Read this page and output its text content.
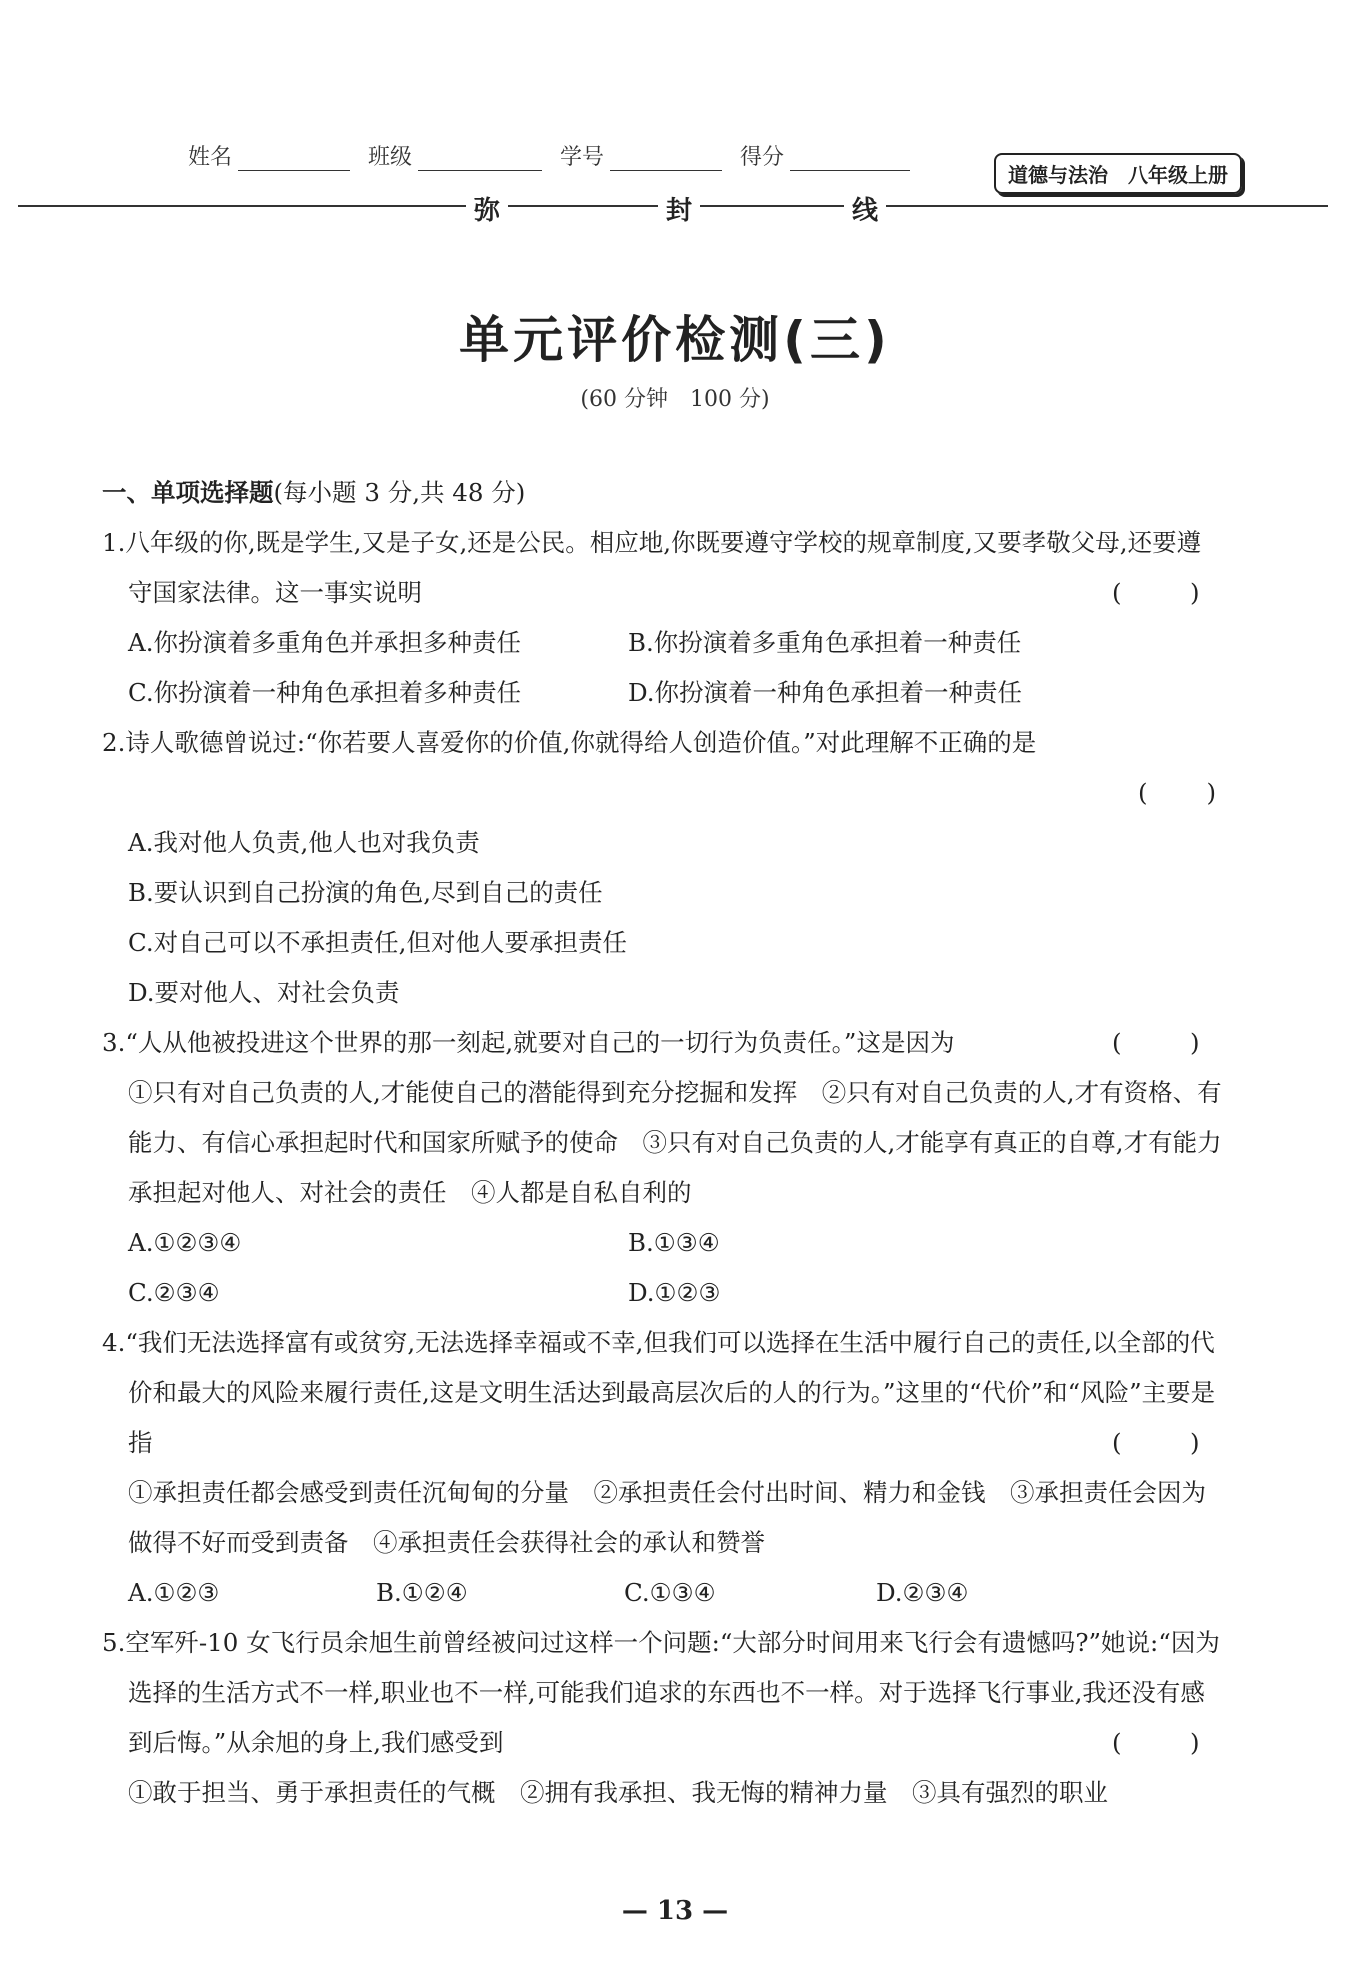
姓名	班级	学号	得分
道德与法治　八年级上册
弥	封	线
单元评价检测(三)
(60 分钟　100 分)
一、单项选择题(每小题 3 分,共 48 分)
1.八年级的你,既是学生,又是子女,还是公民。相应地,你既要遵守学校的规章制度,又要孝敬父母,还要遵守国家法律。这一事实说明	(	)
A.你扮演着多重角色并承担多种责任	B.你扮演着多重角色承担着一种责任
C.你扮演着一种角色承担着多种责任	D.你扮演着一种角色承担着一种责任
2.诗人歌德曾说过:“你若要人喜爱你的价值,你就得给人创造价值。”对此理解不正确的是
( )
A.我对他人负责,他人也对我负责
B.要认识到自己扮演的角色,尽到自己的责任
C.对自己可以不承担责任,但对他人要承担责任
D.要对他人、对社会负责
3.“人从他被投进这个世界的那一刻起,就要对自己的一切行为负责任。”这是因为	(	)
①只有对自己负责的人,才能使自己的潜能得到充分挖掘和发挥　②只有对自己负责的人,才有资格、有能力、有信心承担起时代和国家所赋予的使命　③只有对自己负责的人,才能享有真正的自尊,才有能力承担起对他人、对社会的责任　④人都是自私自利的
A.①②③④	B.①③④
C.②③④	D.①②③
4.“我们无法选择富有或贫穷,无法选择幸福或不幸,但我们可以选择在生活中履行自己的责任,以全部的代价和最大的风险来履行责任,这是文明生活达到最高层次后的人的行为。”这里的“代价”和“风险”主要是指	(	)
①承担责任都会感受到责任沉甸甸的分量　②承担责任会付出时间、精力和金钱　③承担责任会因为做得不好而受到责备　④承担责任会获得社会的承认和赞誉
A.①②③	B.①②④	C.①③④	D.②③④
5.空军歼-10 女飞行员余旭生前曾经被问过这样一个问题:“大部分时间用来飞行会有遗憾吗?”她说:“因为选择的生活方式不一样,职业也不一样,可能我们追求的东西也不一样。对于选择飞行事业,我还没有感到后悔。”从余旭的身上,我们感受到	(	)
①敢于担当、勇于承担责任的气概　②拥有我承担、我无悔的精神力量　③具有强烈的职业
— 13 —
